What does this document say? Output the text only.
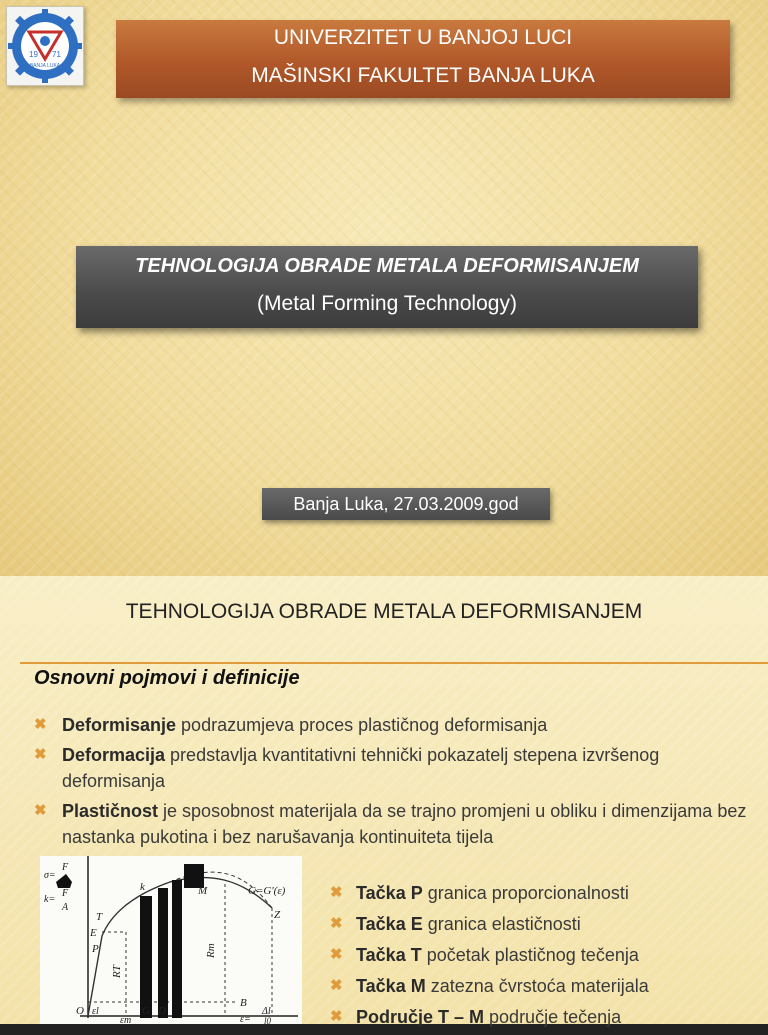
19 71
BANJA LUKA
UNIVERZITET U BANJOJ LUCI
MAŠINSKI FAKULTET BANJA LUKA
TEHNOLOGIJA OBRADE METALA DEFORMISANJEM
(Metal Forming Technology)
Banja Luka, 27.03.2009.god
TEHNOLOGIJA OBRADE METALA DEFORMISANJEM
Osnovni pojmovi i definicije
✖ Deformisanje podrazumjeva proces plastičnog deformisanja
✖ Deformacija predstavlja kvantitativni tehnički pokazatelj stepena izvršenog deformisanja
✖ Plastičnost je sposobnost materijala da se trajno promjeni u obliku i dimenzijama bez nastanka pukotina i bez narušavanja kontinuiteta tijela
σ=
F
k=
F
A
G=G'(ε)
Z
M
k
T
E
P
RT
Rm
O εl
εm
G D
B
ε=
Δl
l0
✖ Tačka P granica proporcionalnosti
✖ Tačka E granica elastičnosti
✖ Tačka T početak plastičnog tečenja
✖ Tačka M zatezna čvrstoća materijala
✖ Područje T – M područje tečenja
